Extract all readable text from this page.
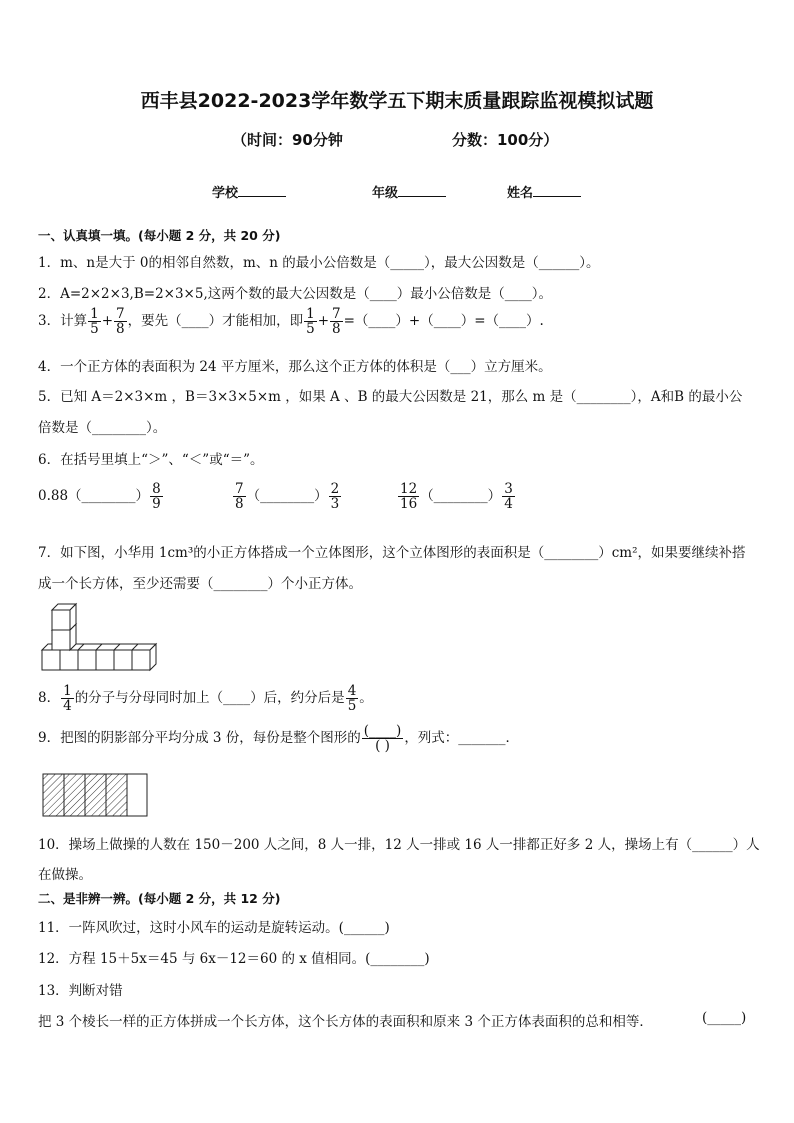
西丰县2022-2023学年数学五下期末质量跟踪监视模拟试题
（时间：90分钟	分数：100分）
学校	年级	姓名
一、认真填一填。(每小题 2 分，共 20 分)
1．m、n是大于 0的相邻自然数，m、n 的最小公倍数是（_____），最大公因数是（______）。
2．A=2×2×3,B=2×3×5,这两个数的最大公因数是（____）最小公倍数是（____）。
3．计算 $\frac{1}{5} + \frac{7}{8}$ ，要先（____）才能相加，即 $\frac{1}{5} + \frac{7}{8}$ =（____）+（____）=（____）.
4．一个正方体的表面积为 24 平方厘米，那么这个正方体的体积是（___）立方厘米。
5．已知 A＝2×3×m ，B＝3×3×5×m ，如果 A 、B 的最大公因数是 21，那么 m 是（________），A和B 的最小公
倍数是（________）。
6．在括号里填上“＞”、“＜”或“＝”。
0.88（________） $\frac{8}{9}$	$\frac{7}{8}$ （________） $\frac{2}{3}$	$\frac{12}{16}$ （________） $\frac{3}{4}$
7．如下图，小华用 1cm³的小正方体搭成一个立体图形，这个立体图形的表面积是（________）cm²，如果要继续补搭
成一个长方体，至少还需要（________）个小正方体。
8． $\frac{1}{4}$ 的分子与分母同时加上（____）后，约分后是 $\frac{4}{5}$ 。
9．把图的阴影部分平均分成 3 份，每份是整个图形的 $\frac{(\_\_\_\_)}{( )}$ ，列式：_______．
10．操场上做操的人数在 150－200 人之间，8 人一排，12 人一排或 16 人一排都正好多 2 人，操场上有（______）人
在做操。
二、是非辨一辨。(每小题 2 分，共 12 分)
11．一阵风吹过，这时小风车的运动是旋转运动。(______)
12．方程 15＋5x＝45 与 6x－12＝60 的 x 值相同。(________)
13．判断对错
把 3 个棱长一样的正方体拼成一个长方体，这个长方体的表面积和原来 3 个正方体表面积的总和相等．	(_____)
